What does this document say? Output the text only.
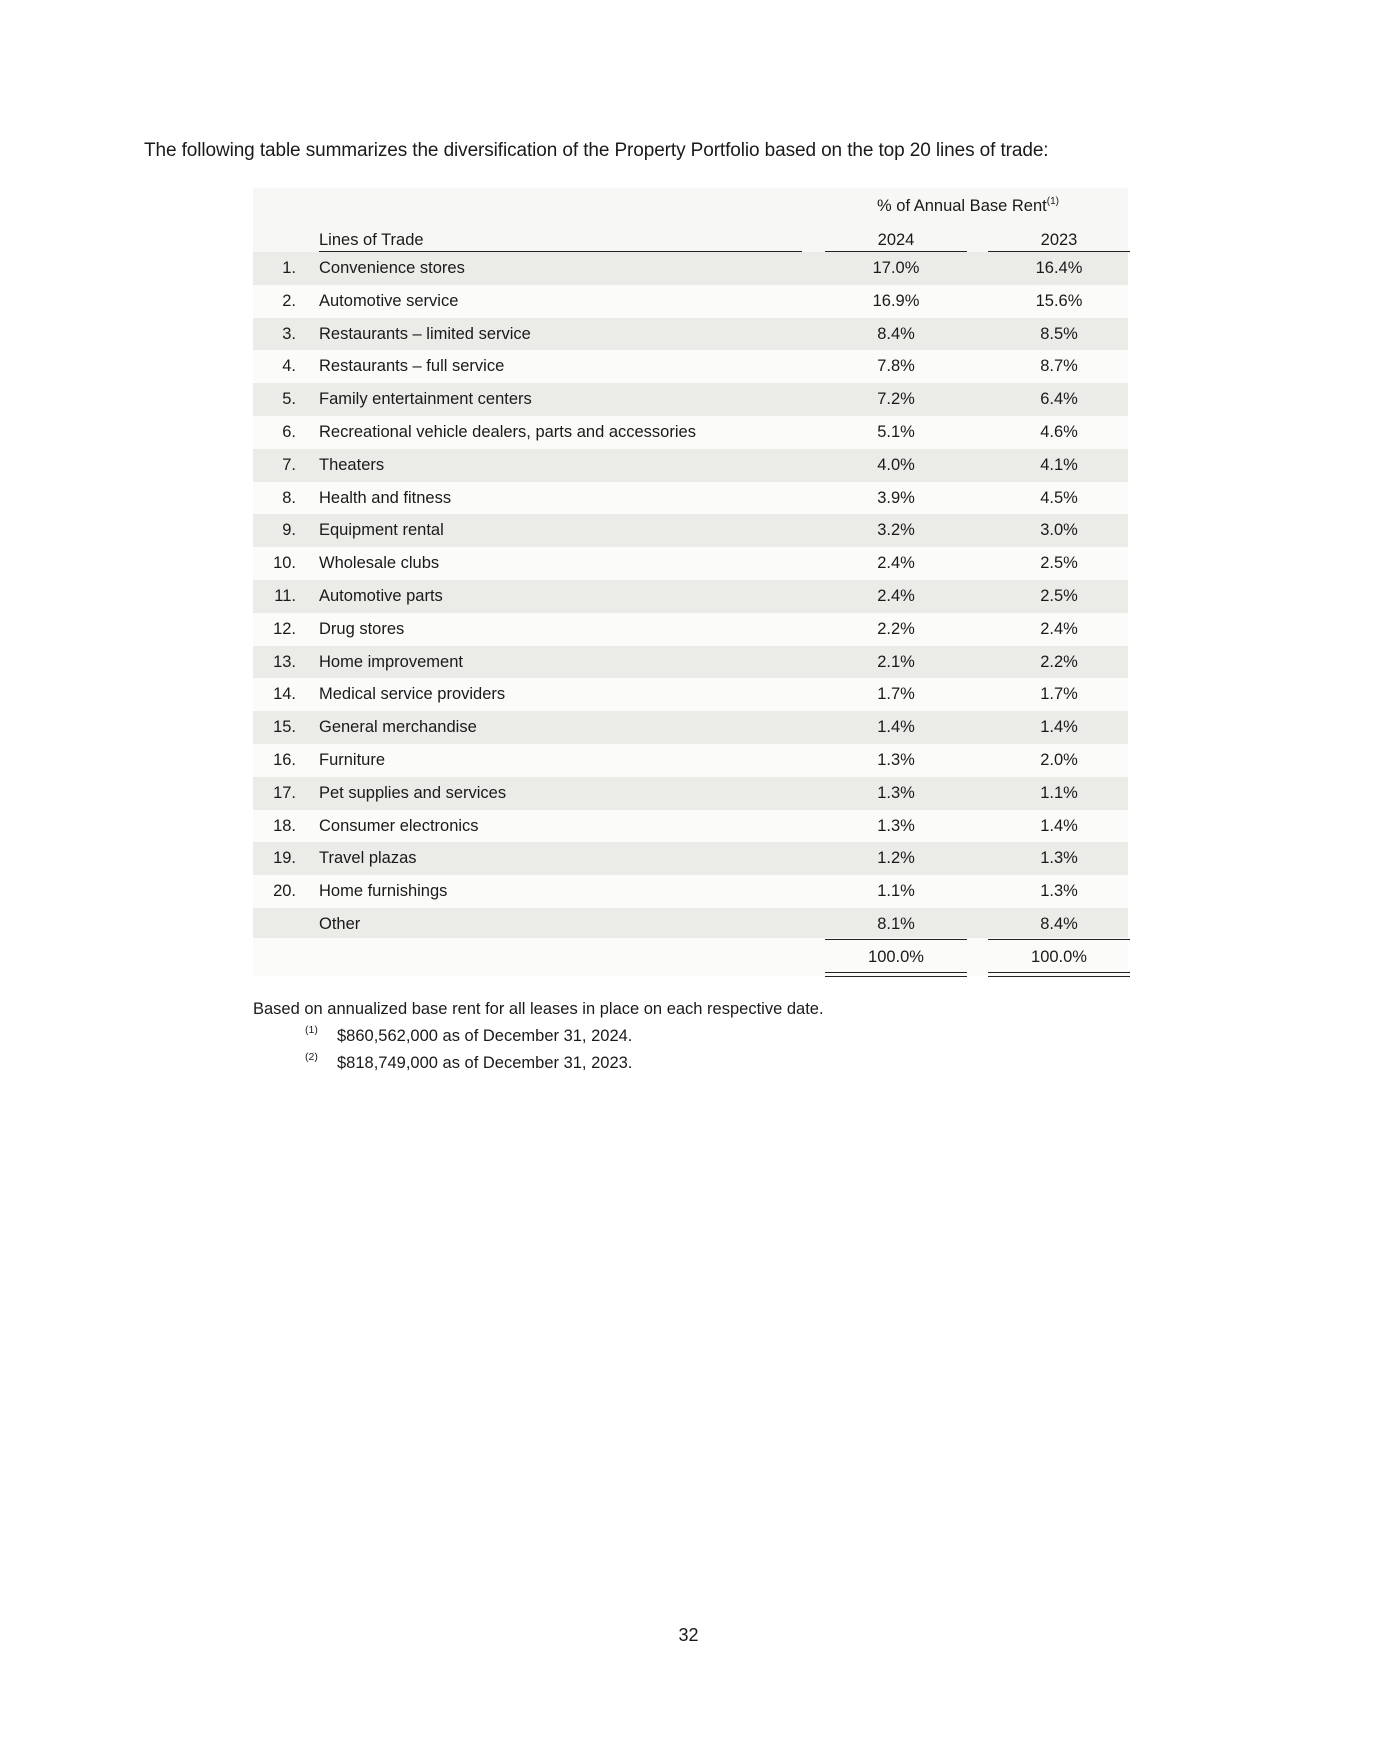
The following table summarizes the diversification of the Property Portfolio based on the top 20 lines of trade:
% of Annual Base Rent$^{(1)}$
Lines of Trade	2024	2023
1. Convenience stores	17.0%	16.4%
2. Automotive service	16.9%	15.6%
3. Restaurants – limited service	8.4%	8.5%
4. Restaurants – full service	7.8%	8.7%
5. Family entertainment centers	7.2%	6.4%
6. Recreational vehicle dealers, parts and accessories	5.1%	4.6%
7. Theaters	4.0%	4.1%
8. Health and fitness	3.9%	4.5%
9. Equipment rental	3.2%	3.0%
10. Wholesale clubs	2.4%	2.5%
11. Automotive parts	2.4%	2.5%
12. Drug stores	2.2%	2.4%
13. Home improvement	2.1%	2.2%
14. Medical service providers	1.7%	1.7%
15. General merchandise	1.4%	1.4%
16. Furniture	1.3%	2.0%
17. Pet supplies and services	1.3%	1.1%
18. Consumer electronics	1.3%	1.4%
19. Travel plazas	1.2%	1.3%
20. Home furnishings	1.1%	1.3%
Other	8.1%	8.4%
100.0%	100.0%
Based on annualized base rent for all leases in place on each respective date.
(1) $860,562,000 as of December 31, 2024.
(2) $818,749,000 as of December 31, 2023.
32
